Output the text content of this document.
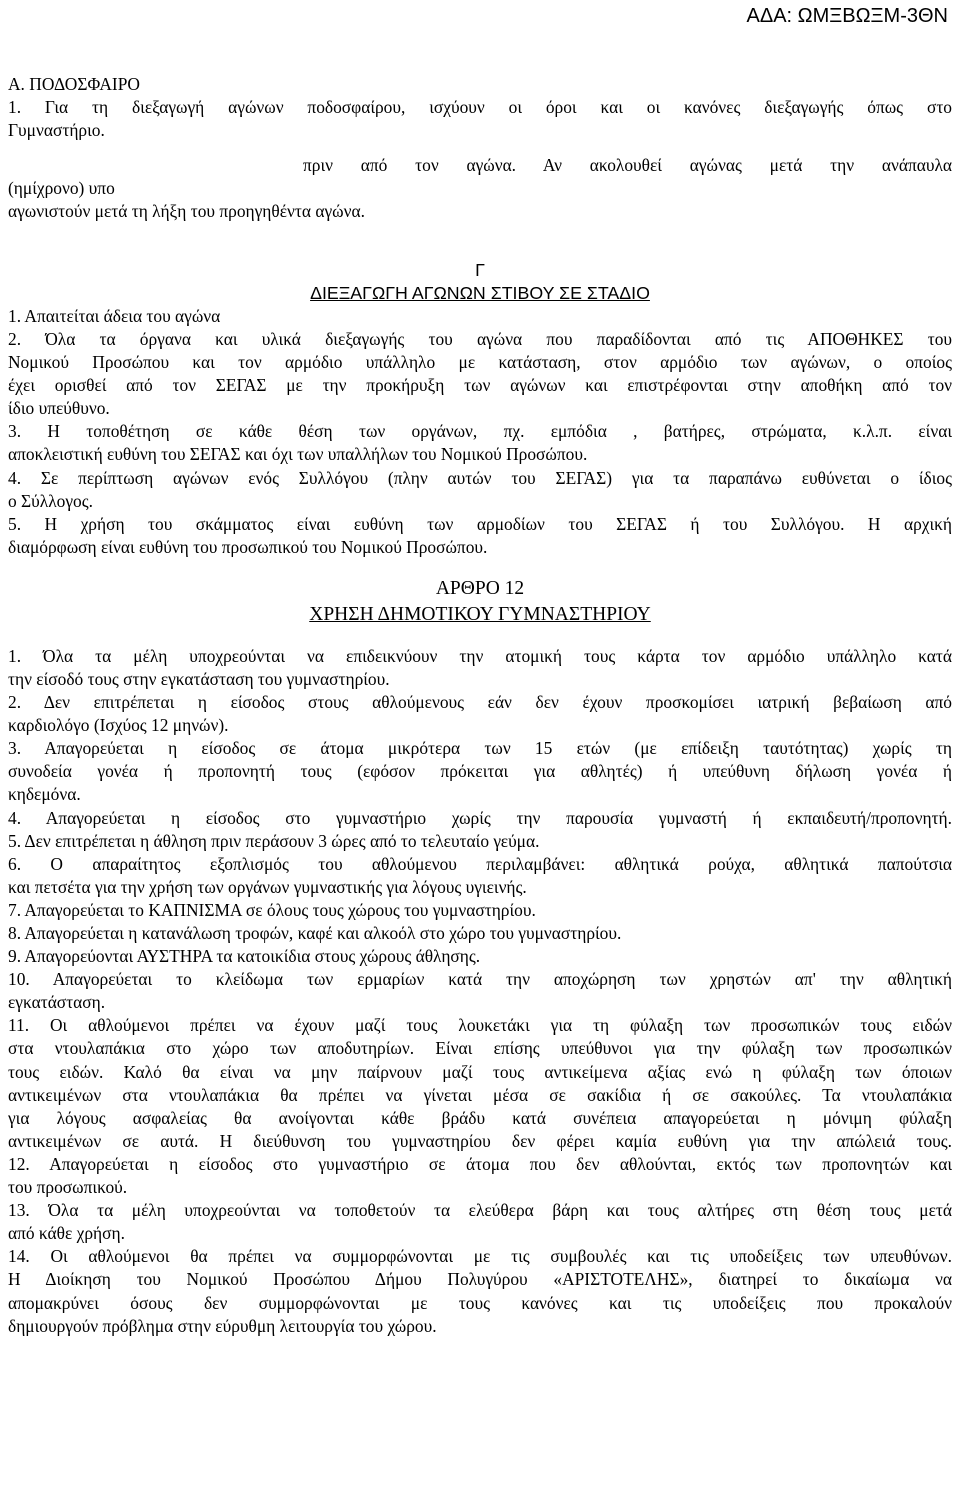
ΑΔΑ: ΩΜΞΒΩΞΜ-3ΘΝ
Α. ΠΟΔΟΣΦΑΙΡΟ
1. Για τη διεξαγωγή αγώνων ποδοσφαίρου, ισχύουν οι όροι και οι κανόνες διεξαγωγής όπως στο
Γυμναστήριο.
πριν από τον αγώνα. Αν ακολουθεί αγώνας μετά την ανάπαυλα
(ημίχρονο) υπο
αγωνιστούν μετά τη λήξη του προηγηθέντα αγώνα.
Γ
ΔΙΕΞΑΓΩΓΗ ΑΓΩΝΩΝ ΣΤΙΒΟΥ ΣΕ ΣΤΑΔΙΟ
1. Απαιτείται άδεια του αγώνα
2. Όλα τα όργανα και υλικά διεξαγωγής του αγώνα που παραδίδονται από τις ΑΠΟΘΗΚΕΣ του
Νομικού Προσώπου και τον αρμόδιο υπάλληλο με κατάσταση, στον αρμόδιο των αγώνων, ο οποίος
έχει ορισθεί από τον ΣΕΓΑΣ με την προκήρυξη των αγώνων και επιστρέφονται στην αποθήκη από τον
ίδιο υπεύθυνο.
3. Η τοποθέτηση σε κάθε θέση των οργάνων, πχ. εμπόδια , βατήρες, στρώματα, κ.λ.π. είναι
αποκλειστική ευθύνη του ΣΕΓΑΣ και όχι των υπαλλήλων του Νομικού Προσώπου.
4. Σε περίπτωση αγώνων ενός Συλλόγου (πλην αυτών του ΣΕΓΑΣ) για τα παραπάνω ευθύνεται ο ίδιος
ο Σύλλογος.
5. Η χρήση του σκάμματος είναι ευθύνη των αρμοδίων του ΣΕΓΑΣ ή του Συλλόγου. Η αρχική
διαμόρφωση είναι ευθύνη του προσωπικού του Νομικού Προσώπου.
ΑΡΘΡΟ 12
ΧΡΗΣΗ ΔΗΜΟΤΙΚΟΥ ΓΥΜΝΑΣΤΗΡΙΟΥ
1. Όλα τα μέλη υποχρεούνται να επιδεικνύουν την ατομική τους κάρτα τον αρμόδιο υπάλληλο κατά
την είσοδό τους στην εγκατάσταση του γυμναστηρίου.
2. Δεν επιτρέπεται η είσοδος στους αθλούμενους εάν δεν έχουν προσκομίσει ιατρική βεβαίωση από
καρδιολόγο (Ισχύος 12 μηνών).
3. Απαγορεύεται η είσοδος σε άτομα μικρότερα των 15 ετών (με επίδειξη ταυτότητας) χωρίς τη
συνοδεία γονέα ή προπονητή τους (εφόσον πρόκειται για αθλητές) ή υπεύθυνη δήλωση γονέα ή
κηδεμόνα.
4. Απαγορεύεται η είσοδος στο γυμναστήριο χωρίς την παρουσία γυμναστή ή εκπαιδευτή/προπονητή.
5. Δεν επιτρέπεται η άθληση πριν περάσουν 3 ώρες από το τελευταίο γεύμα.
6. Ο απαραίτητος εξοπλισμός του αθλούμενου περιλαμβάνει: αθλητικά ρούχα, αθλητικά παπούτσια
και πετσέτα για την χρήση των οργάνων γυμναστικής για λόγους υγιεινής.
7. Απαγορεύεται το ΚΑΠΝΙΣΜΑ σε όλους τους χώρους του γυμναστηρίου.
8. Απαγορεύεται η κατανάλωση τροφών, καφέ και αλκοόλ στο χώρο του γυμναστηρίου.
9. Απαγορεύονται ΑΥΣΤΗΡΑ τα κατοικίδια στους χώρους άθλησης.
10. Απαγορεύεται το κλείδωμα των ερμαρίων κατά την αποχώρηση των χρηστών απ' την αθλητική
εγκατάσταση.
11. Οι αθλούμενοι πρέπει να έχουν μαζί τους λουκετάκι για τη φύλαξη των προσωπικών τους ειδών
στα ντουλαπάκια στο χώρο των αποδυτηρίων. Είναι επίσης υπεύθυνοι για την φύλαξη των προσωπικών
τους ειδών. Καλό θα είναι να μην παίρνουν μαζί τους αντικείμενα αξίας ενώ η φύλαξη των όποιων
αντικειμένων στα ντουλαπάκια θα πρέπει να γίνεται μέσα σε σακίδια ή σε σακούλες. Τα ντουλαπάκια
για λόγους ασφαλείας θα ανοίγονται κάθε βράδυ κατά συνέπεια απαγορεύεται η μόνιμη φύλαξη
αντικειμένων σε αυτά. Η διεύθυνση του γυμναστηρίου δεν φέρει καμία ευθύνη για την απώλειά τους.
12. Απαγορεύεται η είσοδος στο γυμναστήριο σε άτομα που δεν αθλούνται, εκτός των προπονητών και
του προσωπικού.
13. Όλα τα μέλη υποχρεούνται να τοποθετούν τα ελεύθερα βάρη και τους αλτήρες στη θέση τους μετά
από κάθε χρήση.
14. Οι αθλούμενοι θα πρέπει να συμμορφώνονται με τις συμβουλές και τις υποδείξεις των υπευθύνων.
Η Διοίκηση του Νομικού Προσώπου Δήμου Πολυγύρου «ΑΡΙΣΤΟΤΕΛΗΣ», διατηρεί το δικαίωμα να
απομακρύνει όσους δεν συμμορφώνονται με τους κανόνες και τις υποδείξεις που προκαλούν
δημιουργούν πρόβλημα στην εύρυθμη λειτουργία του χώρου.
